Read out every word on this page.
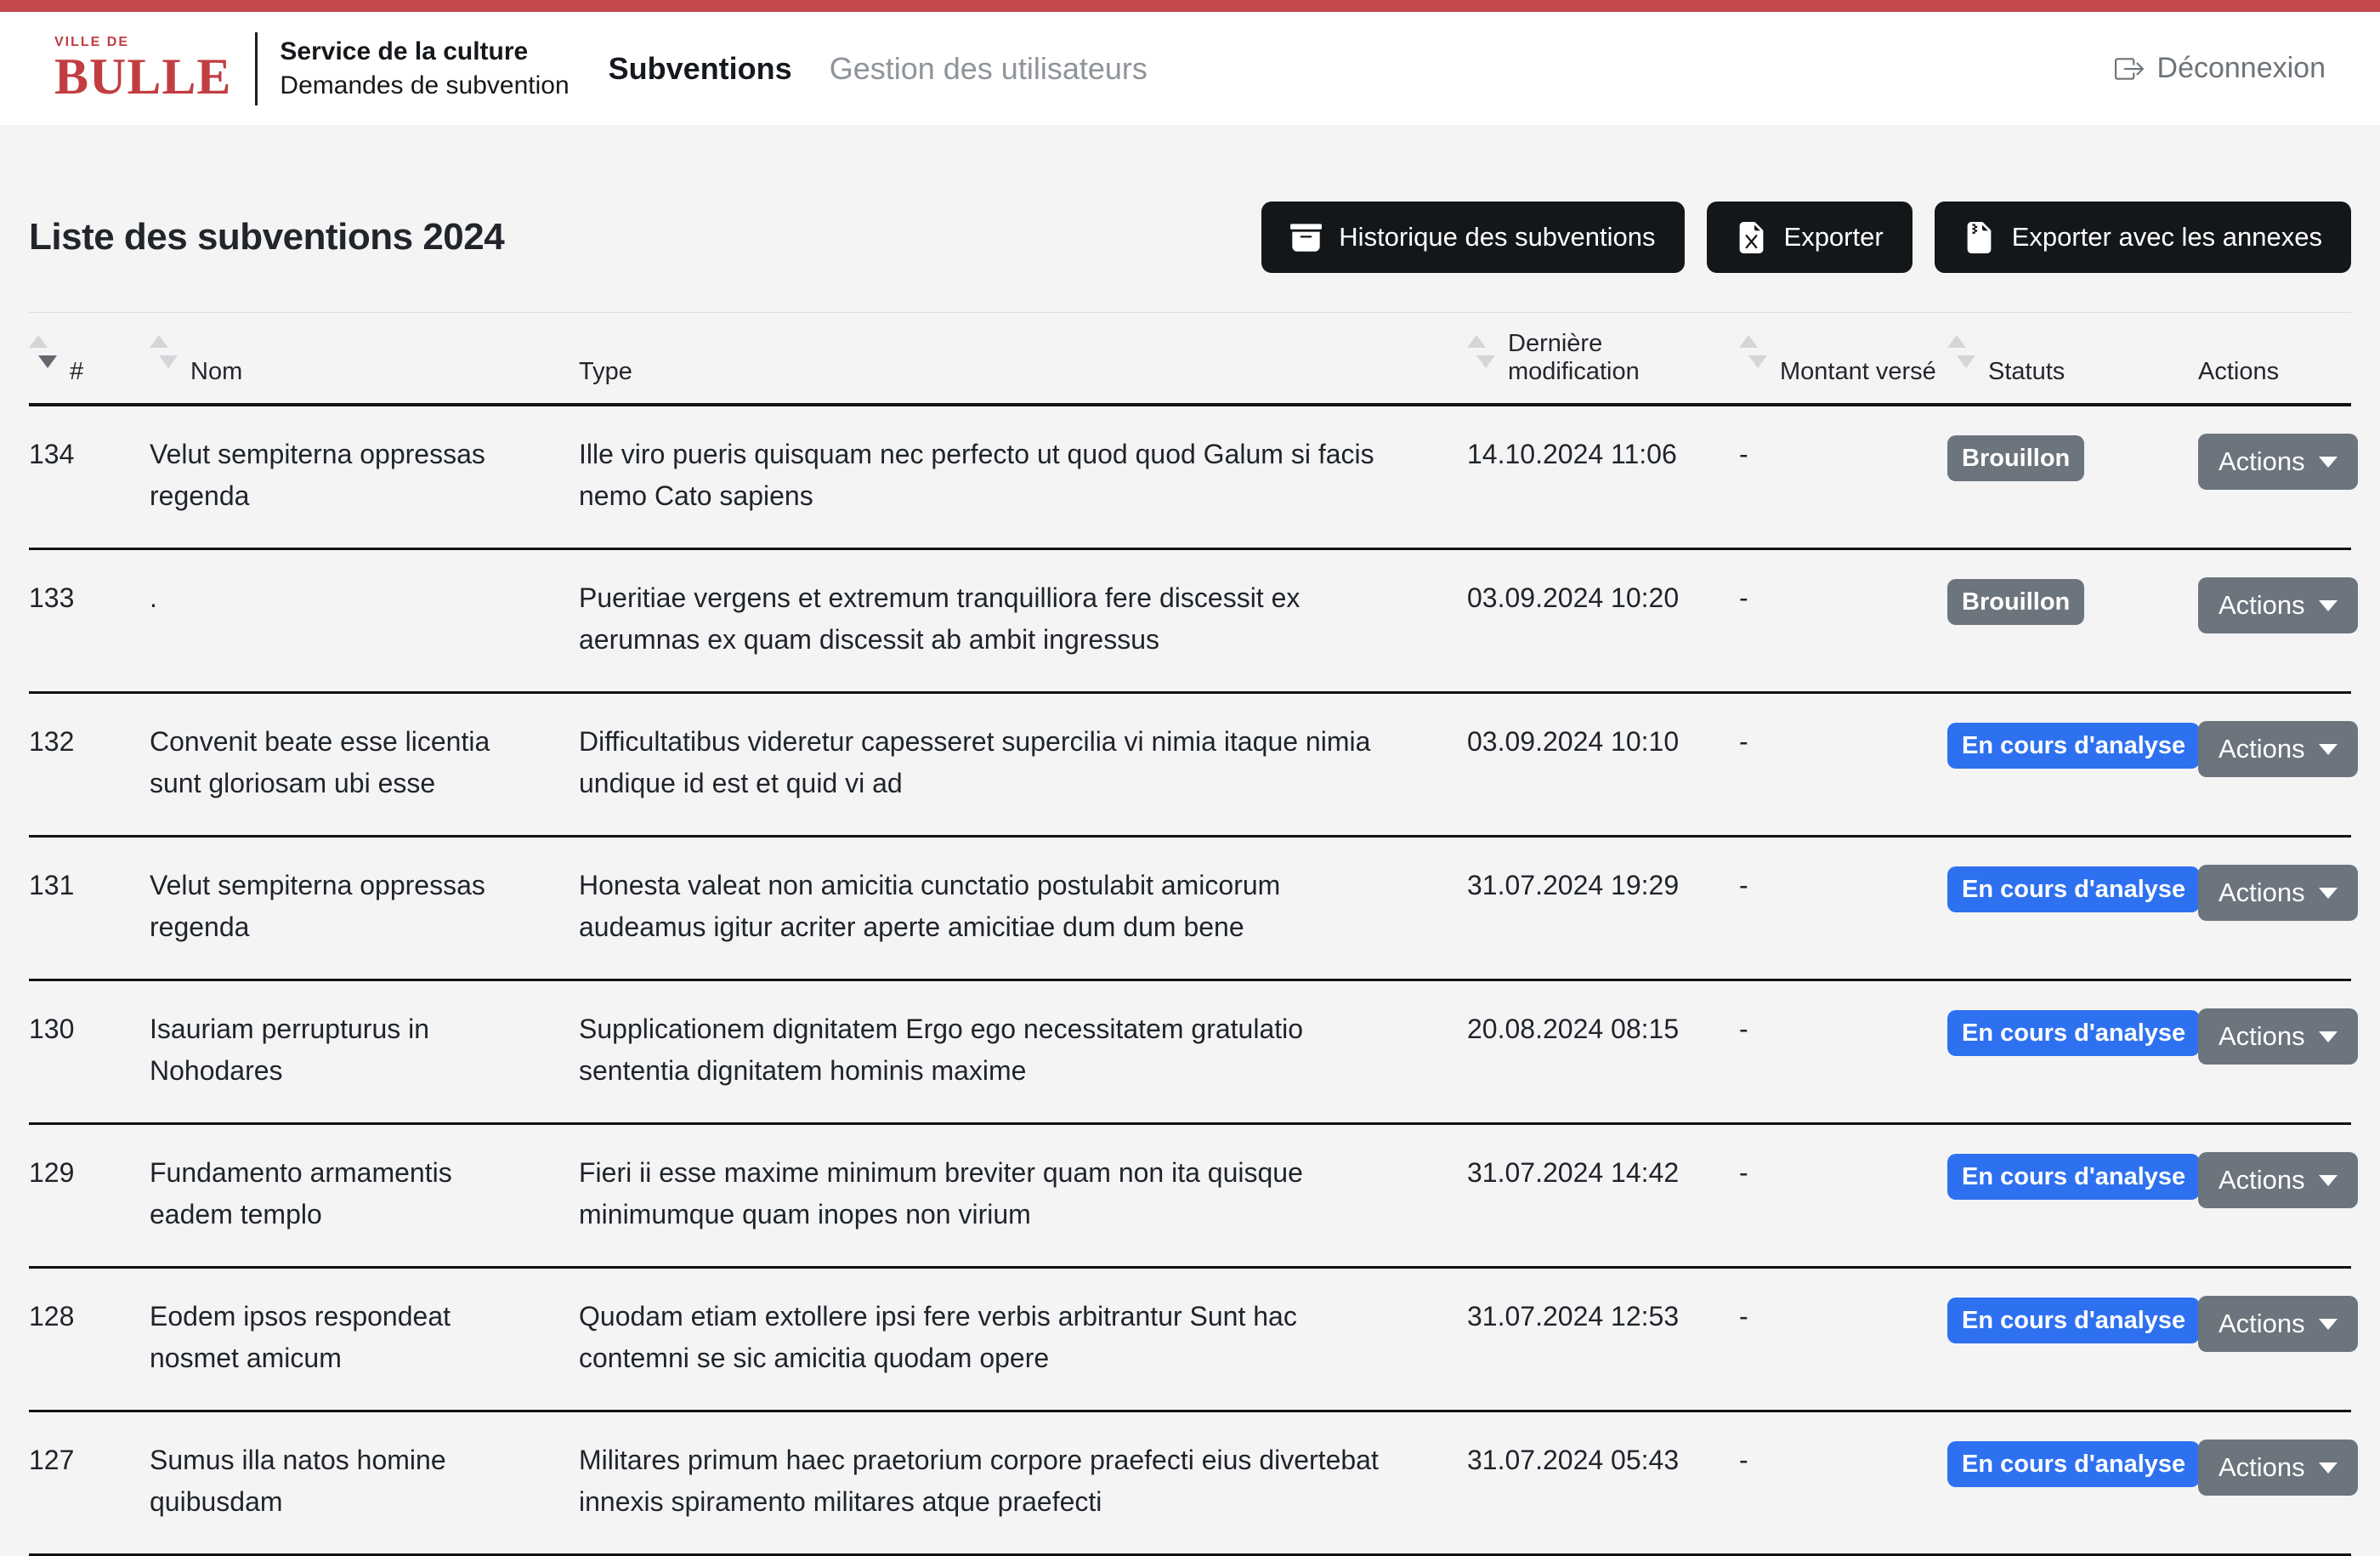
VILLE DE
BULLE Service de la culture
Demandes de subvention Subventions Gestion des utilisateurs	Déconnexion
Liste des subventions 2024	Historique des subventions	Exporter	Exporter avec les annexes
#	Nom	Type	Dernière modification	Montant versé	Statuts	Actions

134	Velut sempiterna oppressas regenda	Ille viro pueris quisquam nec perfecto ut quod quod Galum si facis nemo Cato sapiens	14.10.2024 11:06	-	Brouillon	Actions

133	.	Pueritiae vergens et extremum tranquilliora fere discessit ex aerumnas ex quam discessit ab ambit ingressus	03.09.2024 10:20	-	Brouillon	Actions

132	Convenit beate esse licentia sunt gloriosam ubi esse	Difficultatibus videretur capesseret supercilia vi nimia itaque nimia undique id est et quid vi ad	03.09.2024 10:10	-	En cours d'analyse	Actions

131	Velut sempiterna oppressas regenda	Honesta valeat non amicitia cunctatio postulabit amicorum audeamus igitur acriter aperte amicitiae dum dum bene	31.07.2024 19:29	-	En cours d'analyse	Actions

130	Isauriam perrupturus in Nohodares	Supplicationem dignitatem Ergo ego necessitatem gratulatio sententia dignitatem hominis maxime	20.08.2024 08:15	-	En cours d'analyse	Actions

129	Fundamento armamentis eadem templo	Fieri ii esse maxime minimum breviter quam non ita quisque minimumque quam inopes non virium	31.07.2024 14:42	-	En cours d'analyse	Actions

128	Eodem ipsos respondeat nosmet amicum	Quodam etiam extollere ipsi fere verbis arbitrantur Sunt hac contemni se sic amicitia quodam opere	31.07.2024 12:53	-	En cours d'analyse	Actions

127	Sumus illa natos homine quibusdam	Militares primum haec praetorium corpore praefecti eius divertebat innexis spiramento militares atque praefecti	31.07.2024 05:43	-	En cours d'analyse	Actions
